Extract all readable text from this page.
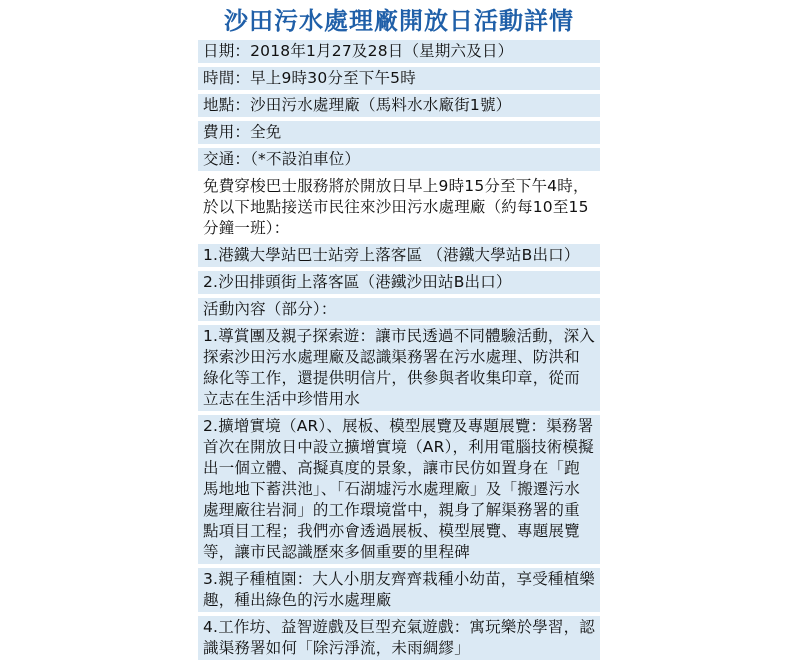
沙田污水處理廠開放日活動詳情
日期：2018年1月27及28日（星期六及日）
時間：早上9時30分至下午5時
地點：沙田污水處理廠（馬料水水廠街1號）
費用：全免
交通：（*不設泊車位）
免費穿梭巴士服務將於開放日早上9時15分至下午4時，於以下地點接送市民往來沙田污水處理廠（約每10至15分鐘一班）：
1.港鐵大學站巴士站旁上落客區 （港鐵大學站B出口）
2.沙田排頭街上落客區（港鐵沙田站B出口）
活動內容（部分）：
1.導賞團及親子探索遊：讓市民透過不同體驗活動，深入探索沙田污水處理廠及認識渠務署在污水處理、防洪和綠化等工作，還提供明信片，供參與者收集印章，從而立志在生活中珍惜用水
2.擴增實境（AR）、展板、模型展覽及專題展覽：渠務署首次在開放日中設立擴增實境（AR），利用電腦技術模擬出一個立體、高擬真度的景象，讓市民仿如置身在「跑馬地地下蓄洪池」、「石湖墟污水處理廠」及「搬遷污水處理廠往岩洞」的工作環境當中，親身了解渠務署的重點項目工程；我們亦會透過展板、模型展覽、專題展覽等，讓市民認識歷來多個重要的里程碑
3.親子種植園：大人小朋友齊齊栽種小幼苗，享受種植樂趣，種出綠色的污水處理廠
4.工作坊、益智遊戲及巨型充氣遊戲：寓玩樂於學習，認識渠務署如何「除污淨流，未雨綢繆」
